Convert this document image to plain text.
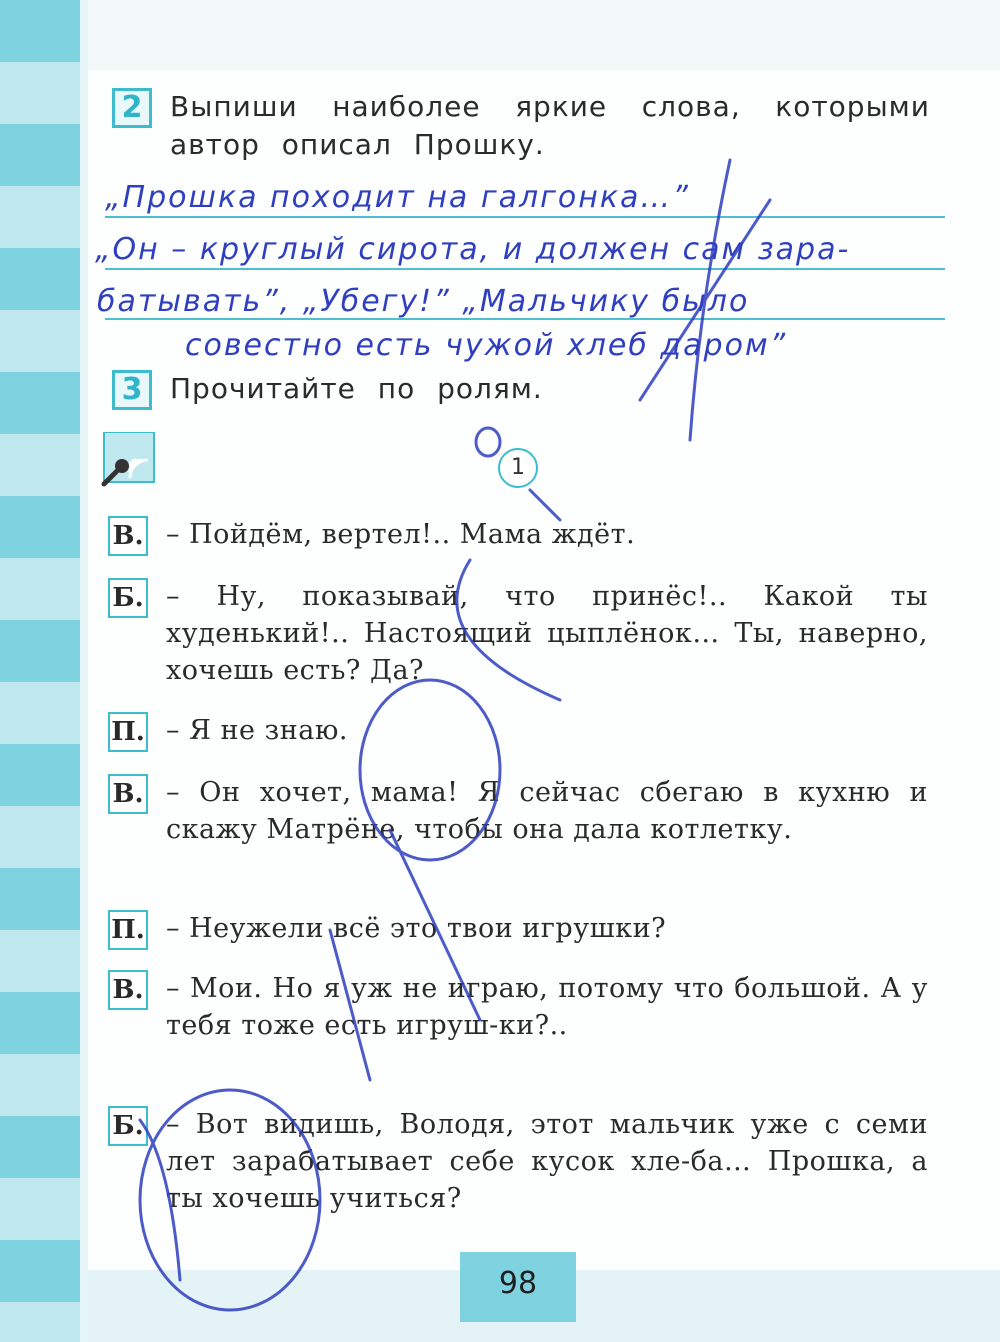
2 Выпиши наиболее яркие слова, которыми автор описал Прошку.
„Прошка походит на галгонка…”
„Он – круглый сирота, и должен сам зара-
батывать”, „Убегу!” „Мальчику было
совестно есть чужой хлеб даром”
3 Прочитайте по ролям.
1
В. – Пойдём, вертел!.. Мама ждёт.
Б. – Ну, показывай, что принёс!.. Какой ты худенький!.. Настоящий цыплёнок… Ты, наверно, хочешь есть? Да?
П. – Я не знаю.
В. – Он хочет, мама! Я сейчас сбегаю в кухню и скажу Матрёне, чтобы она дала котлетку.
П. – Неужели всё это твои игрушки?
В. – Мои. Но я уж не играю, потому что большой. А у тебя тоже есть игруш-ки?..
Б. – Вот видишь, Володя, этот мальчик уже с семи лет зарабатывает себе кусок хле-ба… Прошка, а ты хочешь учиться?
98
